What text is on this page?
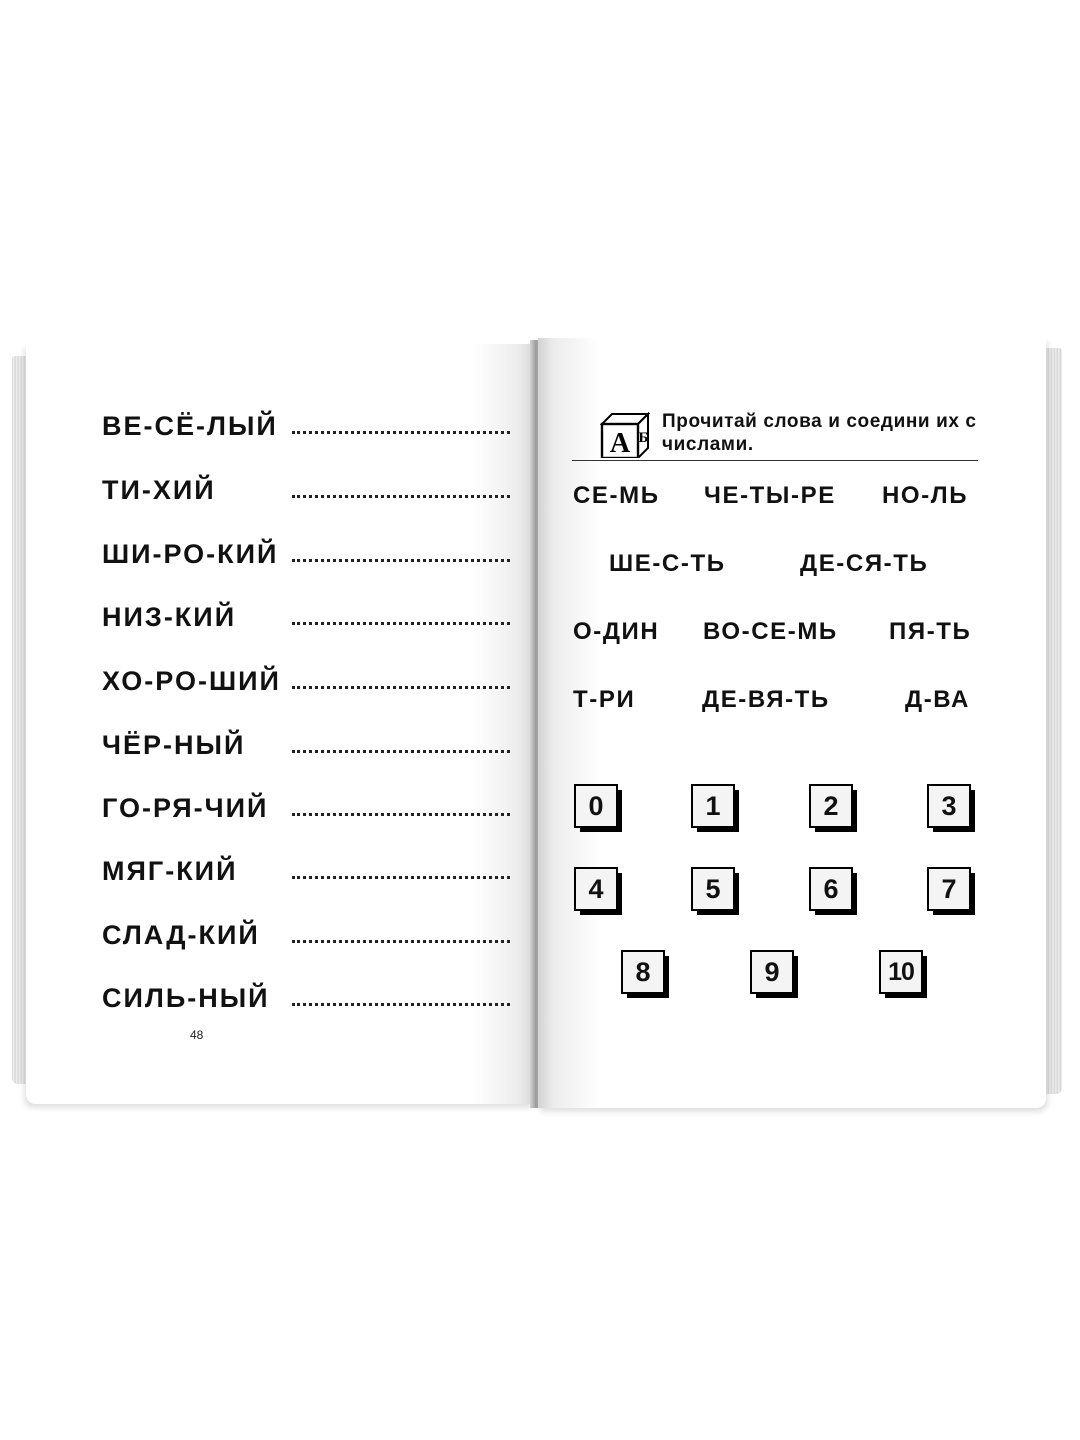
ВЕ-СЁ-ЛЫЙ
ТИ-ХИЙ
ШИ-РО-КИЙ
НИЗ-КИЙ
ХО-РО-ШИЙ
ЧЁР-НЫЙ
ГО-РЯ-ЧИЙ
МЯГ-КИЙ
СЛАД-КИЙ
СИЛЬ-НЫЙ
48
А Б
Прочитай слова и соедини их с числами.
СЕ-МЬ ЧЕ-ТЫ-РЕ НО-ЛЬ
ШЕ-С-ТЬ	ДЕ-СЯ-ТЬ
О-ДИН ВО-СЕ-МЬ ПЯ-ТЬ
Т-РИ	ДЕ-ВЯ-ТЬ	Д-ВА
0	1	2	3
4	5	6	7
8	9	10
